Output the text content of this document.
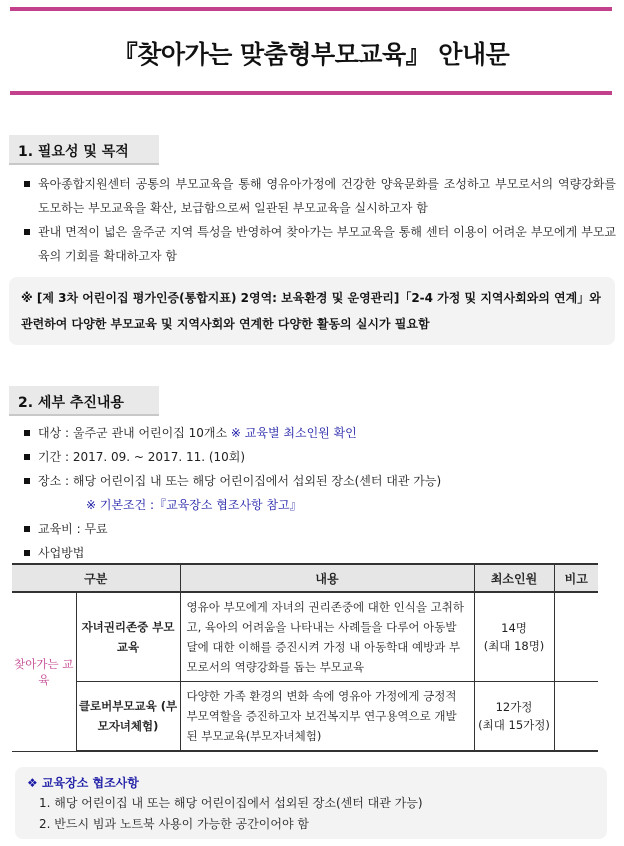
『찾아가는 맞춤형부모교육』 안내문
1. 필요성 및 목적
육아종합지원센터 공통의 부모교육을 통해 영유아가정에 건강한 양육문화를 조성하고 부모로서의 역량강화를 도모하는 부모교육을 확산, 보급함으로써 일관된 부모교육을 실시하고자 함
관내 면적이 넓은 울주군 지역 특성을 반영하여 찾아가는 부모교육을 통해 센터 이용이 어려운 부모에게 부모교육의 기회를 확대하고자 함
※ [제 3차 어린이집 평가인증(통합지표) 2영역: 보육환경 및 운영관리]「2-4 가정 및 지역사회와의 연계」와 관련하여 다양한 부모교육 및 지역사회와 연계한 다양한 활동의 실시가 필요함
2. 세부 추진내용
대상 : 울주군 관내 어린이집 10개소 ※ 교육별 최소인원 확인
기간 : 2017. 09. ~ 2017. 11. (10회)
장소 : 해당 어린이집 내 또는 해당 어린이집에서 섭외된 장소(센터 대관 가능)
※ 기본조건 :『교육장소 협조사항 참고』
교육비 : 무료
사업방법
구분		내용	최소인원	비고
찾아가는 교육	자녀권리존중 부모교육	영유아 부모에게 자녀의 권리존중에 대한 인식을 고취하고, 육아의 어려움을 나타내는 사례들을 다루어 아동발달에 대한 이해를 증진시켜 가정 내 아동학대 예방과 부모로서의 역량강화를 돕는 부모교육	14명
(최대 18명)	

	클로버부모교육 (부모자녀체험)	다양한 가족 환경의 변화 속에 영유아 가정에게 긍정적 부모역할을 증진하고자 보건복지부 연구용역으로 개발된 부모교육(부모자녀체험)	12가정
(최대 15가정)	

❖ 교육장소 협조사항
1. 해당 어린이집 내 또는 해당 어린이집에서 섭외된 장소(센터 대관 가능)
2. 반드시 빔과 노트북 사용이 가능한 공간이어야 함
